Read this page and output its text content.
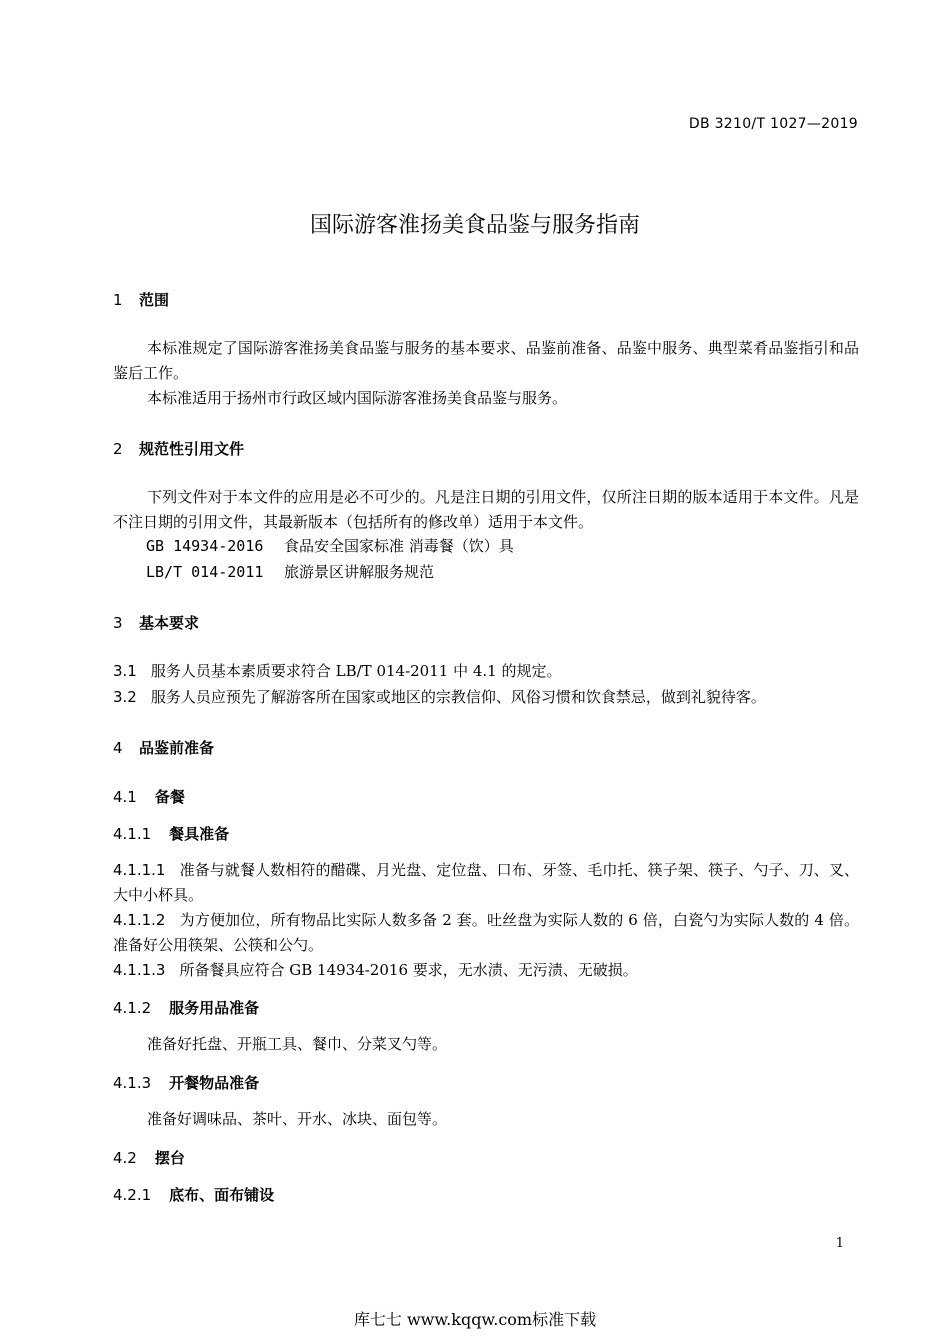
DB 3210/T 1027—2019
国际游客淮扬美食品鉴与服务指南
1 范围
本标准规定了国际游客淮扬美食品鉴与服务的基本要求、品鉴前准备、品鉴中服务、典型菜肴品鉴指引和品鉴后工作。
本标准适用于扬州市行政区域内国际游客淮扬美食品鉴与服务。
2 规范性引用文件
下列文件对于本文件的应用是必不可少的。凡是注日期的引用文件，仅所注日期的版本适用于本文件。凡是不注日期的引用文件，其最新版本（包括所有的修改单）适用于本文件。
GB 14934-2016 食品安全国家标准 消毒餐（饮）具
LB/T 014-2011 旅游景区讲解服务规范
3 基本要求
3.1 服务人员基本素质要求符合 LB/T 014-2011 中 4.1 的规定。
3.2 服务人员应预先了解游客所在国家或地区的宗教信仰、风俗习惯和饮食禁忌，做到礼貌待客。
4 品鉴前准备
4.1 备餐
4.1.1 餐具准备
4.1.1.1 准备与就餐人数相符的醋碟、月光盘、定位盘、口布、牙签、毛巾托、筷子架、筷子、勺子、刀、叉、大中小杯具。
4.1.1.2 为方便加位，所有物品比实际人数多备 2 套。吐丝盘为实际人数的 6 倍，白瓷勺为实际人数的 4 倍。准备好公用筷架、公筷和公勺。
4.1.1.3 所备餐具应符合 GB 14934-2016 要求，无水渍、无污渍、无破损。
4.1.2 服务用品准备
准备好托盘、开瓶工具、餐巾、分菜叉勺等。
4.1.3 开餐物品准备
准备好调味品、茶叶、开水、冰块、面包等。
4.2 摆台
4.2.1 底布、面布铺设
1
库七七 www.kqqw.com标准下载
